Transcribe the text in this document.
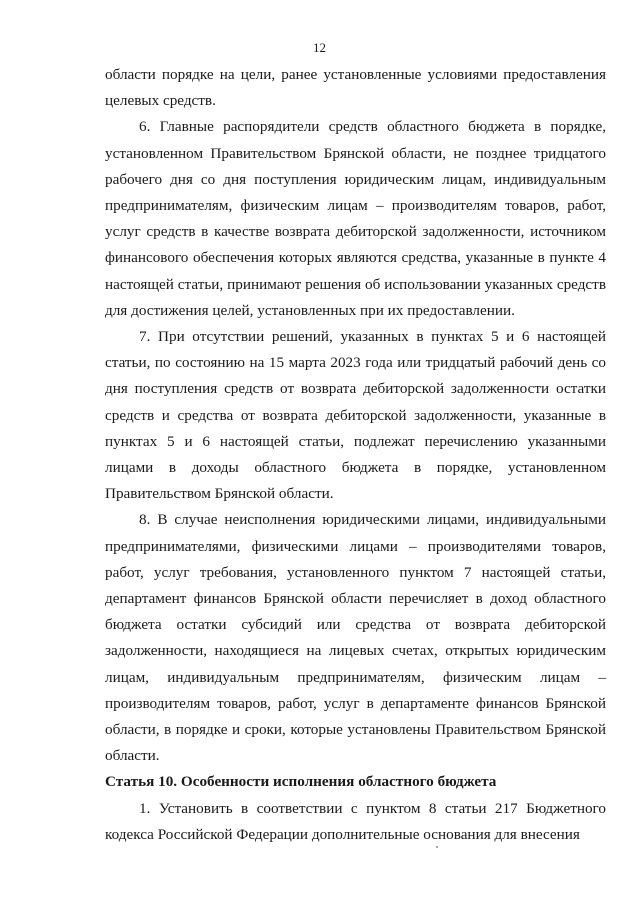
12

области порядке на цели, ранее установленные условиями предоставления целевых средств.

6. Главные распорядители средств областного бюджета в порядке, установленном Правительством Брянской области, не позднее тридцатого рабочего дня со дня поступления юридическим лицам, индивидуальным предпринимателям, физическим лицам – производителям товаров, работ, услуг средств в качестве возврата дебиторской задолженности, источником финансового обеспечения которых являются средства, указанные в пункте 4 настоящей статьи, принимают решения об использовании указанных средств для достижения целей, установленных при их предоставлении.

7. При отсутствии решений, указанных в пунктах 5 и 6 настоящей статьи, по состоянию на 15 марта 2023 года или тридцатый рабочий день со дня поступления средств от возврата дебиторской задолженности остатки средств и средства от возврата дебиторской задолженности, указанные в пунктах 5 и 6 настоящей статьи, подлежат перечислению указанными лицами в доходы областного бюджета в порядке, установленном Правительством Брянской области.

8. В случае неисполнения юридическими лицами, индивидуальными предпринимателями, физическими лицами – производителями товаров, работ, услуг требования, установленного пунктом 7 настоящей статьи, департамент финансов Брянской области перечисляет в доход областного бюджета остатки субсидий или средства от возврата дебиторской задолженности, находящиеся на лицевых счетах, открытых юридическим лицам, индивидуальным предпринимателям, физическим лицам – производителям товаров, работ, услуг в департаменте финансов Брянской области, в порядке и сроки, которые установлены Правительством Брянской области.

Статья 10. Особенности исполнения областного бюджета

1. Установить в соответствии с пунктом 8 статьи 217 Бюджетного кодекса Российской Федерации дополнительные основания для внесения
